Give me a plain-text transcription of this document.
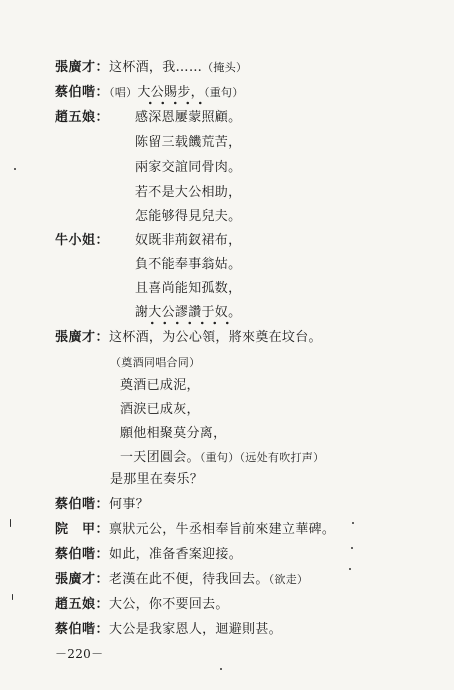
張廣才：这杯酒，我……（掩头）
蔡伯喈：（唱）大公賜步，（重句）
趙五娘： 感深恩屢蒙照顧。
陈留三载饑荒苦，
兩家交誼同骨肉。
若不是大公相助，
怎能够得見兒夫。
牛小姐： 奴既非荊釵裙布，
負不能奉事翁姑。
且喜尚能知孤数，
謝大公謬讚于奴。
張廣才：这杯酒，为公心領，將來奠在坟台。
（奠酒同唱合同）
奠酒已成泥，
酒淚已成灰，
願他相聚莫分离，
一天团圓会。（重句）（远处有吹打声）
是那里在奏乐？
蔡伯喈：何事？
院　甲：禀狀元公，牛丞相奉旨前來建立華碑。
蔡伯喈：如此，准备香案迎接。
張廣才：老漢在此不便，待我回去。（欲走）
趙五娘：大公，你不要回去。
蔡伯喈：大公是我家恩人，迴避則甚。
－220－
